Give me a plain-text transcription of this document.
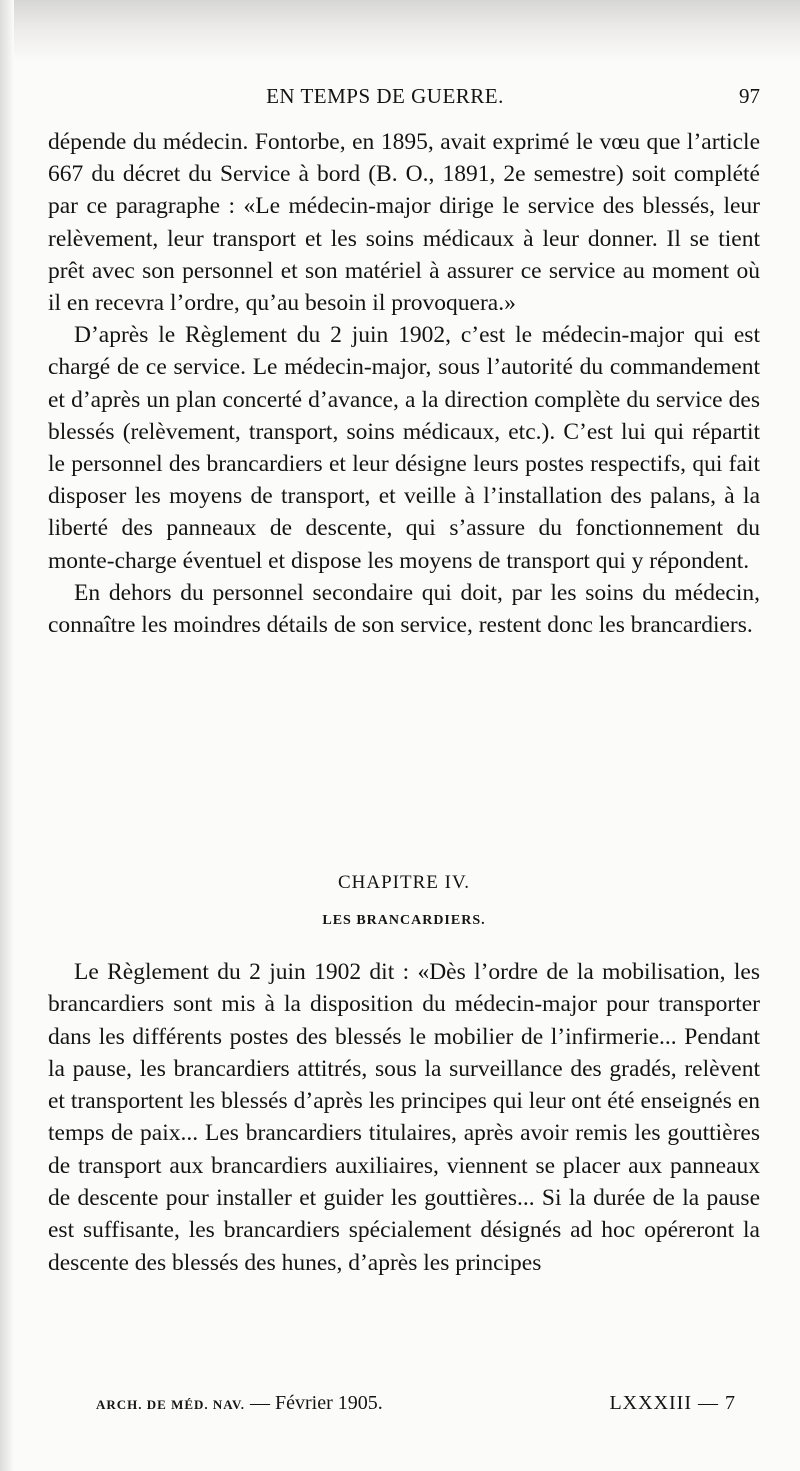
EN TEMPS DE GUERRE.	97

dépende du médecin. Fontorbe, en 1895, avait exprimé le vœu que l’article 667 du décret du Service à bord (B. O., 1891, 2e semestre) soit complété par ce paragraphe : «Le médecin-major dirige le service des blessés, leur relèvement, leur transport et les soins médicaux à leur donner. Il se tient prêt avec son personnel et son matériel à assurer ce service au moment où il en recevra l’ordre, qu’au besoin il provoquera.»

D’après le Règlement du 2 juin 1902, c’est le médecin-major qui est chargé de ce service. Le médecin-major, sous l’autorité du commandement et d’après un plan concerté d’avance, a la direction complète du service des blessés (relèvement, transport, soins médicaux, etc.). C’est lui qui répartit le personnel des brancardiers et leur désigne leurs postes respectifs, qui fait disposer les moyens de transport, et veille à l’installation des palans, à la liberté des panneaux de descente, qui s’assure du fonctionnement du monte-charge éventuel et dispose les moyens de transport qui y répondent.

En dehors du personnel secondaire qui doit, par les soins du médecin, connaître les moindres détails de son service, restent donc les brancardiers.

CHAPITRE IV.
LES BRANCARDIERS.

Le Règlement du 2 juin 1902 dit : «Dès l’ordre de la mobilisation, les brancardiers sont mis à la disposition du médecin-major pour transporter dans les différents postes des blessés le mobilier de l’infirmerie... Pendant la pause, les brancardiers attitrés, sous la surveillance des gradés, relèvent et transportent les blessés d’après les principes qui leur ont été enseignés en temps de paix... Les brancardiers titulaires, après avoir remis les gouttières de transport aux brancardiers auxiliaires, viennent se placer aux panneaux de descente pour installer et guider les gouttières... Si la durée de la pause est suffisante, les brancardiers spécialement désignés ad hoc opéreront la descente des blessés des hunes, d’après les principes

ARCH. DE MÉD. NAV. — Février 1905.	LXXXIII — 7
